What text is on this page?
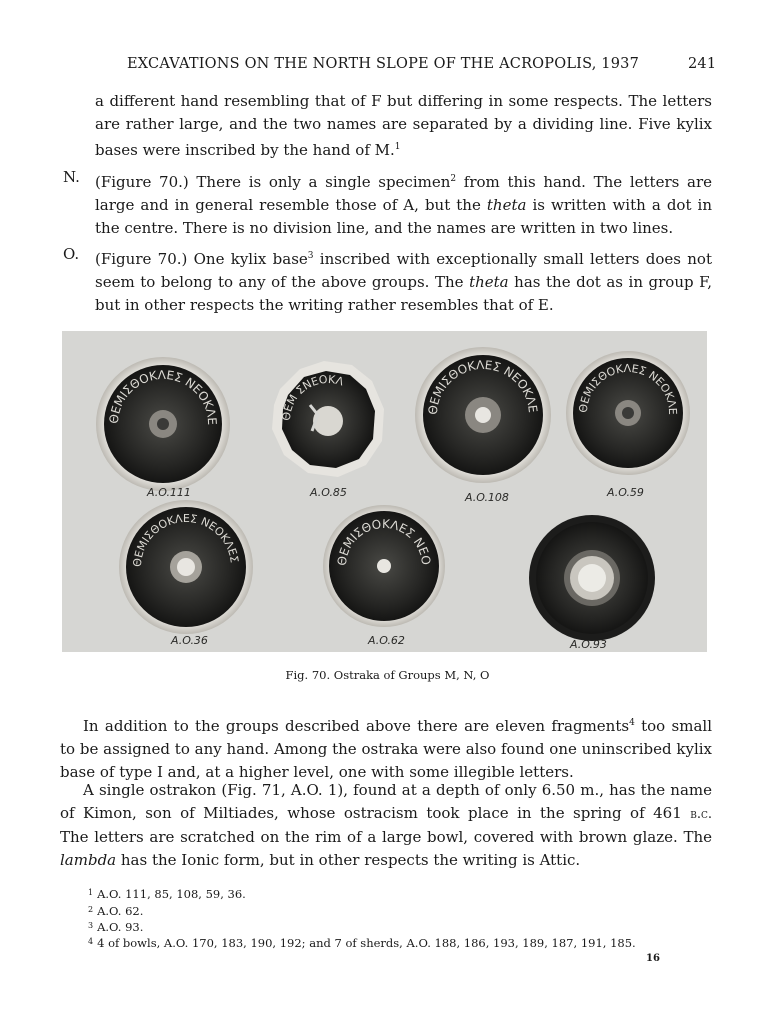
EXCAVATIONS ON THE NORTH SLOPE OF THE ACROPOLIS, 1937	241
a different hand resembling that of F but differing in some respects. The letters
are rather large, and the two names are separated by a dividing line. Five kylix
bases were inscribed by the hand of M.$^1$
N. (Figure 70.) There is only a single specimen$^2$ from this hand. The letters are
large and in general resemble those of A, but the theta is written with a dot in
the centre. There is no division line, and the names are written in two lines.
O. (Figure 70.) One kylix base$^3$ inscribed with exceptionally small letters does not
seem to belong to any of the above groups. The theta has the dot as in group F,
but in other respects the writing rather resembles that of E.
ΘEMIΣΘOKΛEΣ NEOKΛE	ΘEM ΣNEOKΛ
ΘEMIΣΘOKΛEΣ NEOKΛE	ΘEMIΣΘOKΛEΣ NEOKΛE
ΘEMIΣΘOKΛEΣ NEOKΛEΣ	ΘEMIΣΘOKΛEΣ NEO
A.O.111	A.O.85	A.O.108	A.O.59
A.O.36	A.O.62	A.O.93
Fig. 70. Ostraka of Groups M, N, O
In addition to the groups described above there are eleven fragments$^4$ too small
to be assigned to any hand. Among the ostraka were also found one uninscribed kylix
base of type I and, at a higher level, one with some illegible letters.
A single ostrakon (Fig. 71, A.O. 1), found at a depth of only 6.50 m., has the name
of Kimon, son of Miltiades, whose ostracism took place in the spring of 461 b.c.
The letters are scratched on the rim of a large bowl, covered with brown glaze. The
lambda has the Ionic form, but in other respects the writing is Attic.
$^1$ A.O. 111, 85, 108, 59, 36.
$^2$ A.O. 62.
$^3$ A.O. 93.
$^4$ 4 of bowls, A.O. 170, 183, 190, 192; and 7 of sherds, A.O. 188, 186, 193, 189, 187, 191, 185.
16
